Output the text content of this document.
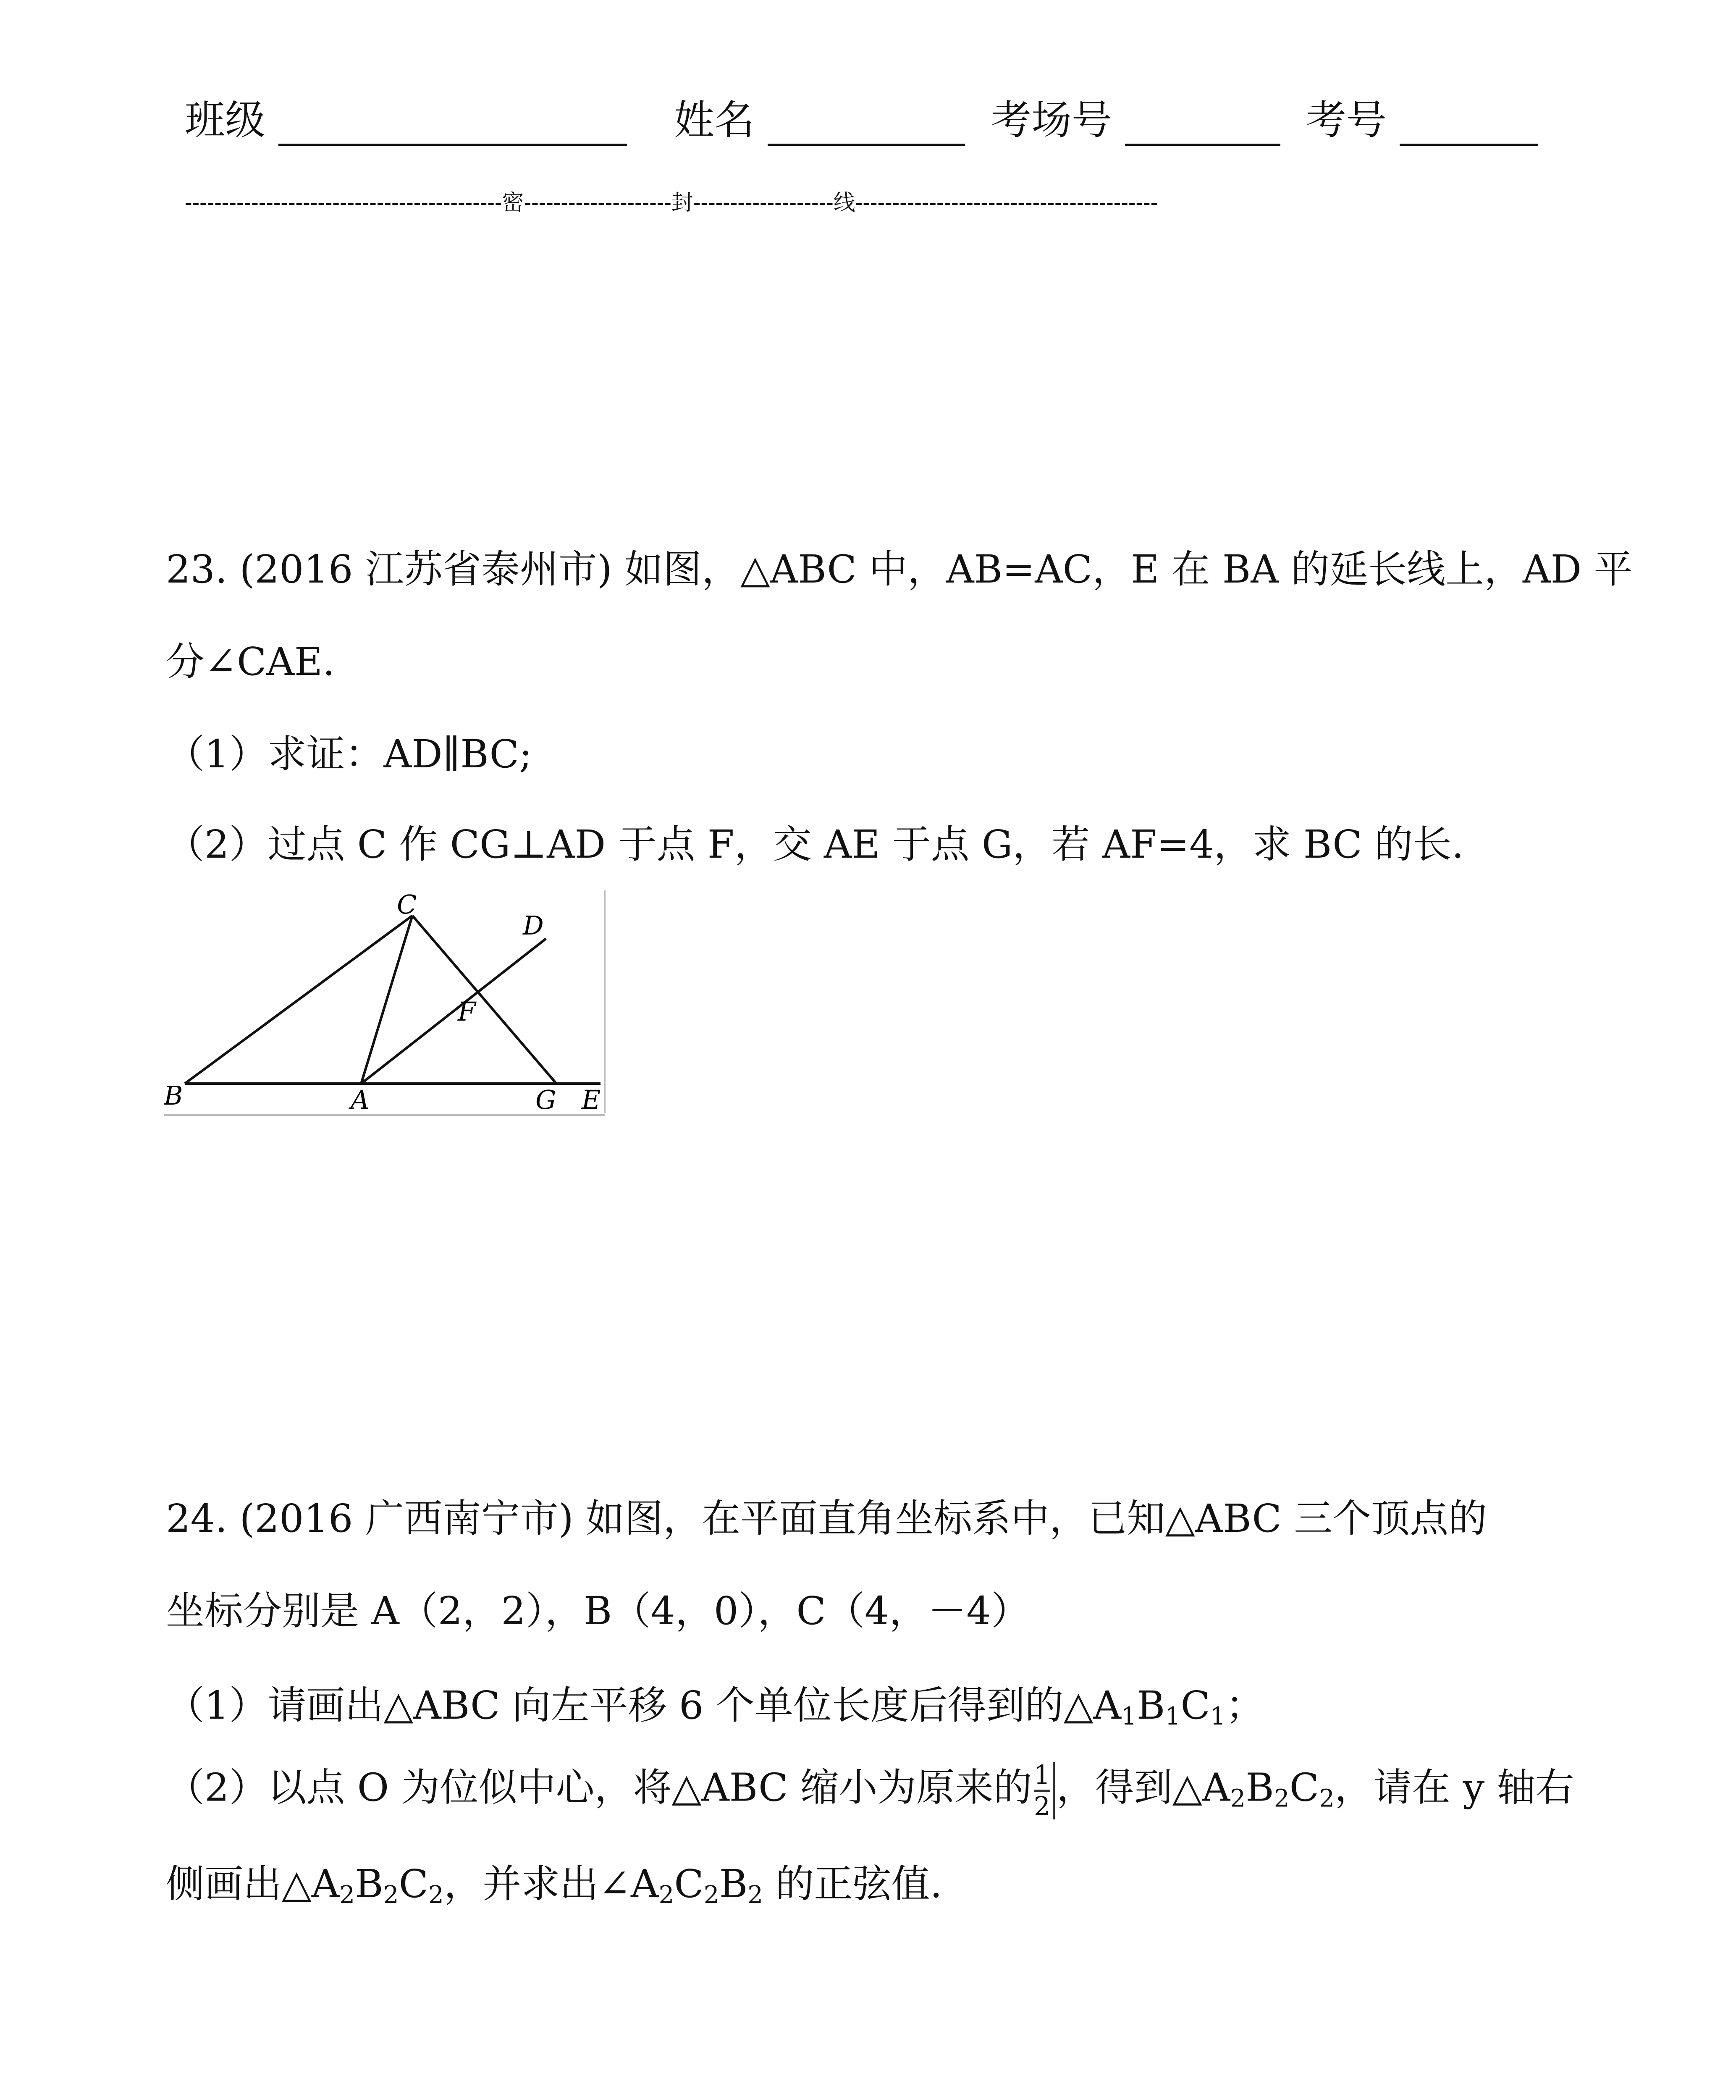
班级	姓名	考场号	考号
-------------------------------------------密--------------------封-------------------线-----------------------------------------
23. (2016 江苏省泰州市) 如图，△ABC 中，AB=AC，E 在 BA 的延长线上，AD 平
分∠CAE.
（1）求证：AD∥BC;
（2）过点 C 作 CG⊥AD 于点 F，交 AE 于点 G，若 AF=4，求 BC 的长.
C
D
F
B	A	G E
24. (2016 广西南宁市) 如图，在平面直角坐标系中，已知△ABC 三个顶点的
坐标分别是 A（2，2），B（4，0），C（4，－4）
（1）请画出△ABC 向左平移 6 个单位长度后得到的$\triangle A_1B_1C_1$；
（2）以点 O 为位似中心，将△ABC 缩小为原来的 $\frac{1}{2}$ ，得到$\triangle A_2B_2C_2$，请在 y 轴右
侧画出$\triangle A_2B_2C_2$，并求出$\angle A_2C_2B_2$ 的正弦值.
